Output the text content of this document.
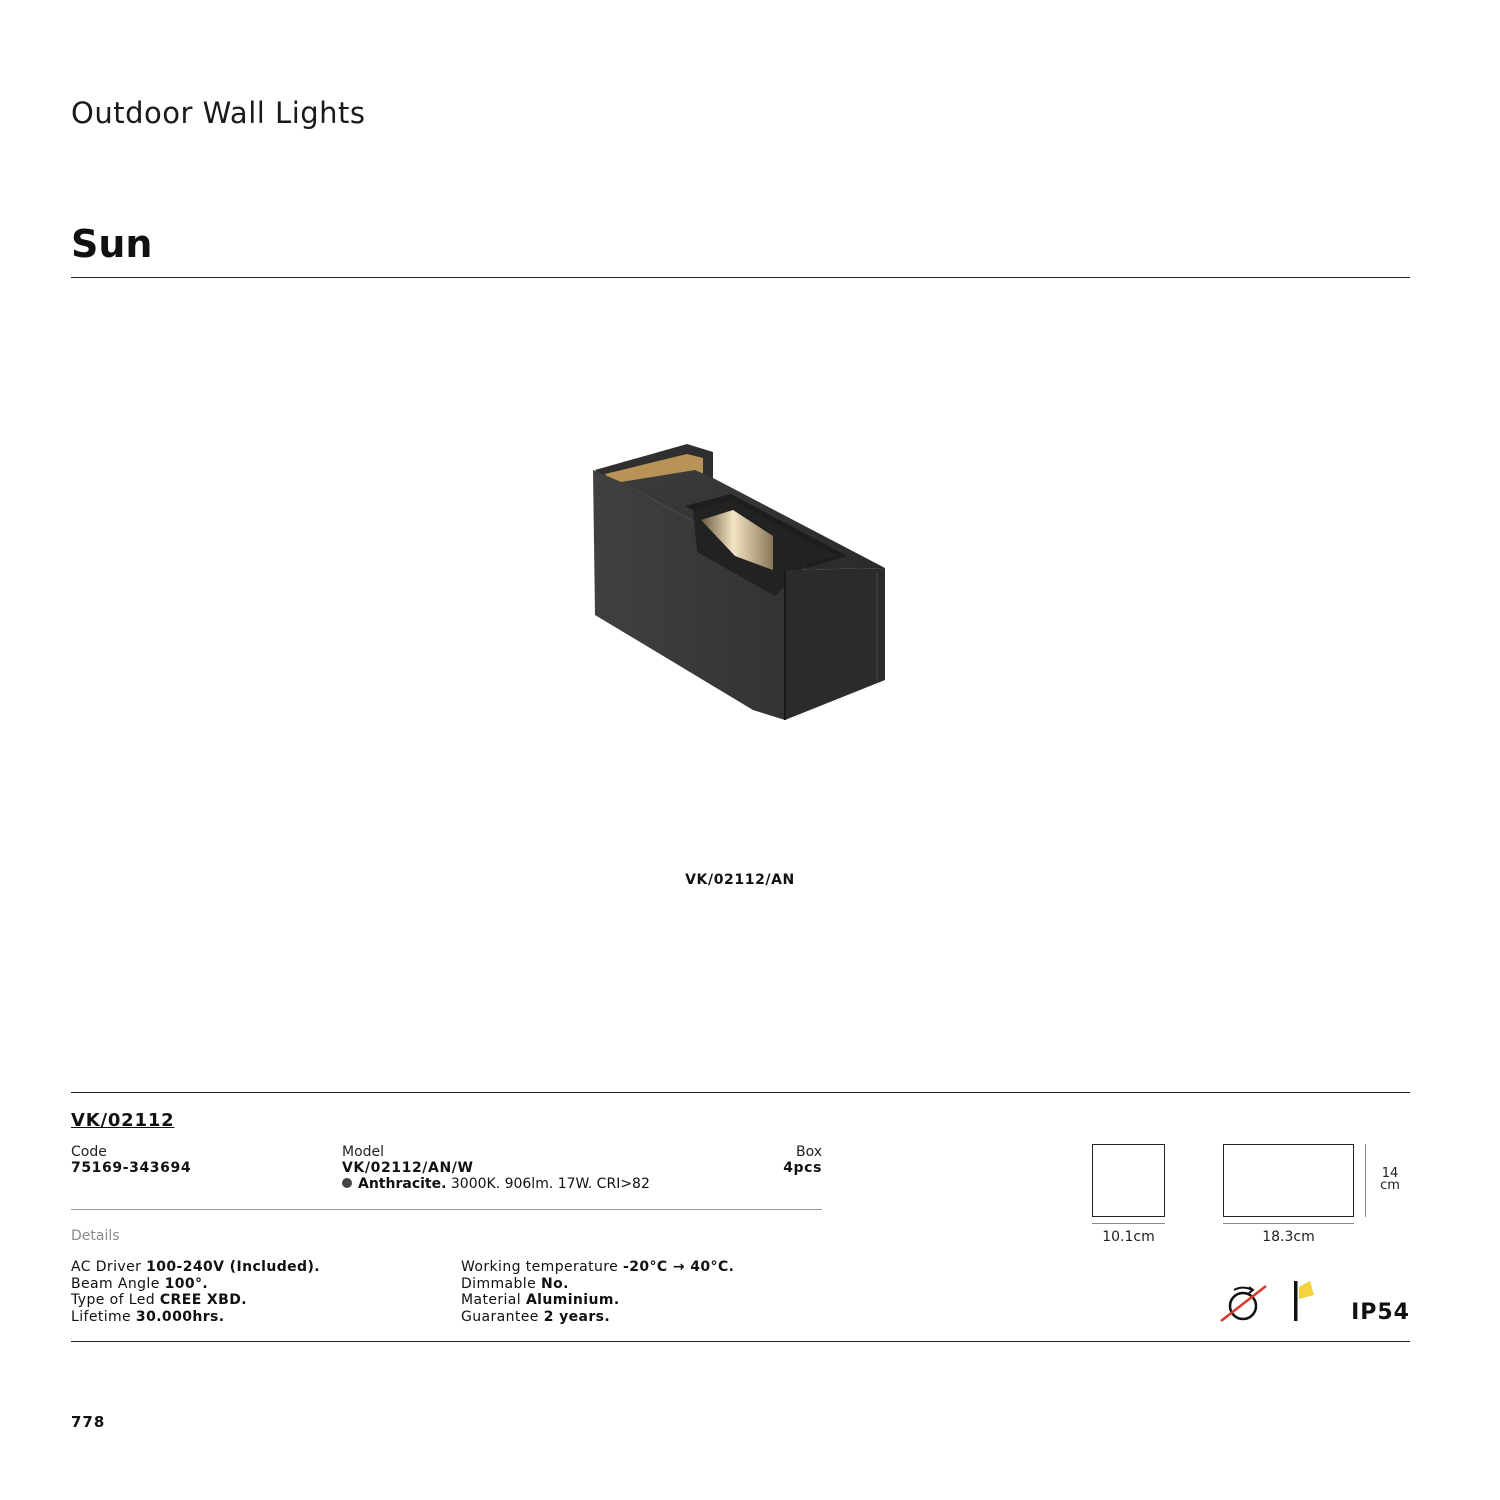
Outdoor Wall Lights
Sun
VK/02112/AN
VK/02112
Code
75169-343694
Model
VK/02112/AN/W
Anthracite. 3000K. 906lm. 17W. CRI>82
Box
4pcs
Details
AC Driver 100-240V (Included).
Beam Angle 100°.
Type of Led CREE XBD.
Lifetime 30.000hrs.
Working temperature -20°C → 40°C.
Dimmable No.
Material Aluminium.
Guarantee 2 years.
10.1cm	18.3cm
14
cm
IP54
778
